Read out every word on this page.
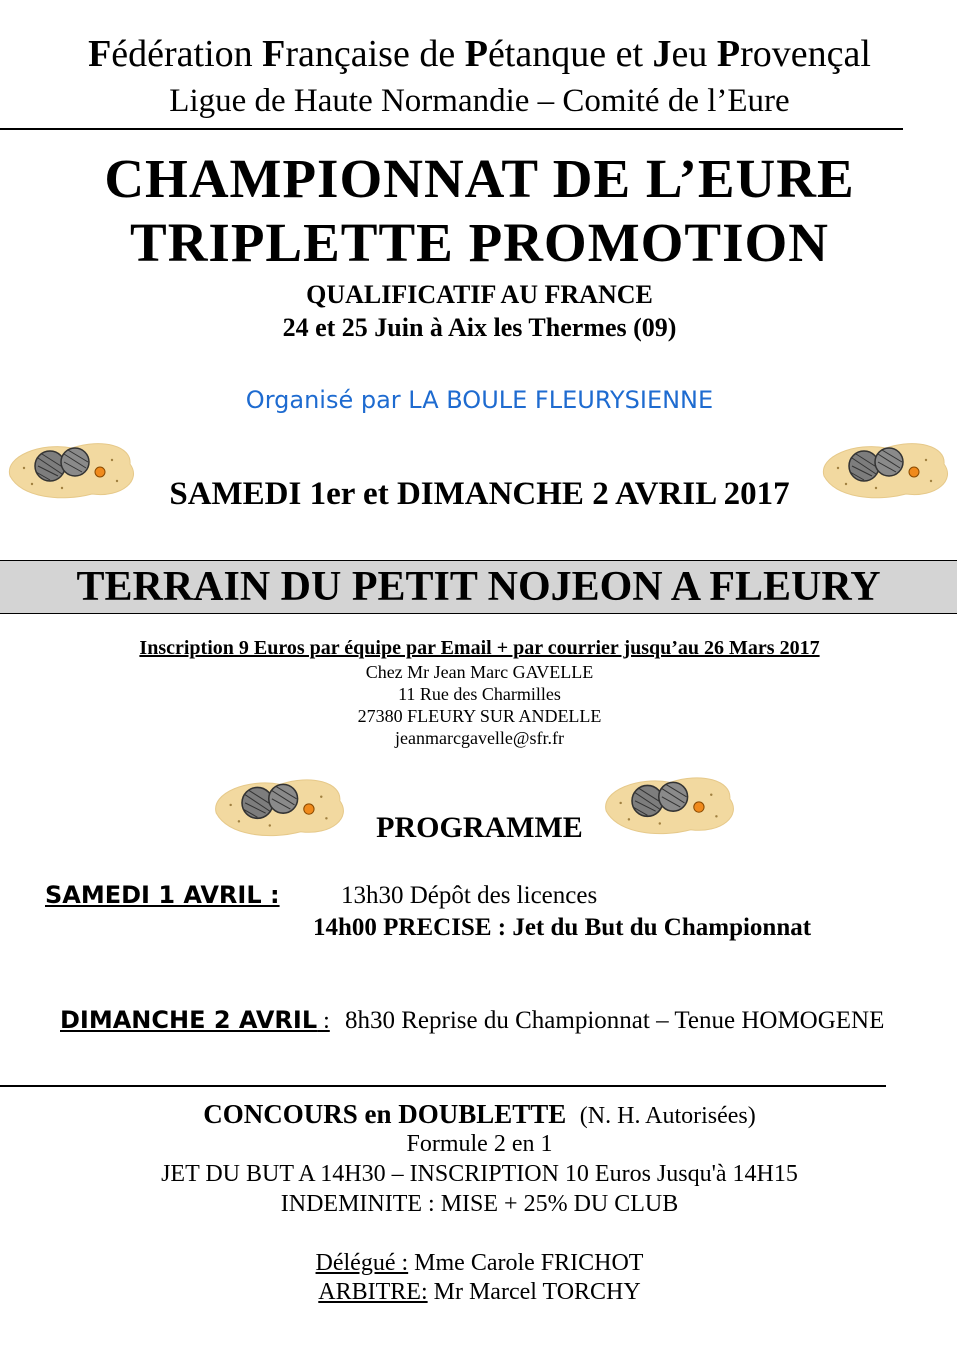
Fédération Française de Pétanque et Jeu Provençal
Ligue de Haute Normandie – Comité de l’Eure
CHAMPIONNAT DE L’EURE
TRIPLETTE PROMOTION
QUALIFICATIF AU FRANCE
24 et 25 Juin à Aix les Thermes (09)
Organisé par LA BOULE FLEURYSIENNE
SAMEDI 1er et DIMANCHE 2 AVRIL 2017
TERRAIN DU PETIT NOJEON A FLEURY
Inscription 9 Euros par équipe par Email + par courrier jusqu’au 26 Mars 2017
Chez Mr Jean Marc GAVELLE
11 Rue des Charmilles
27380 FLEURY SUR ANDELLE
jeanmarcgavelle@sfr.fr
PROGRAMME
SAMEDI 1 AVRIL : 13h30 Dépôt des licences
14h00 PRECISE : Jet du But du Championnat
DIMANCHE 2 AVRIL : 8h30 Reprise du Championnat – Tenue HOMOGENE
CONCOURS en DOUBLETTE (N. H. Autorisées)
Formule 2 en 1
JET DU BUT A 14H30 – INSCRIPTION 10 Euros Jusqu'à 14H15
INDEMINITE : MISE + 25% DU CLUB
Délégué : Mme Carole FRICHOT
ARBITRE: Mr Marcel TORCHY
